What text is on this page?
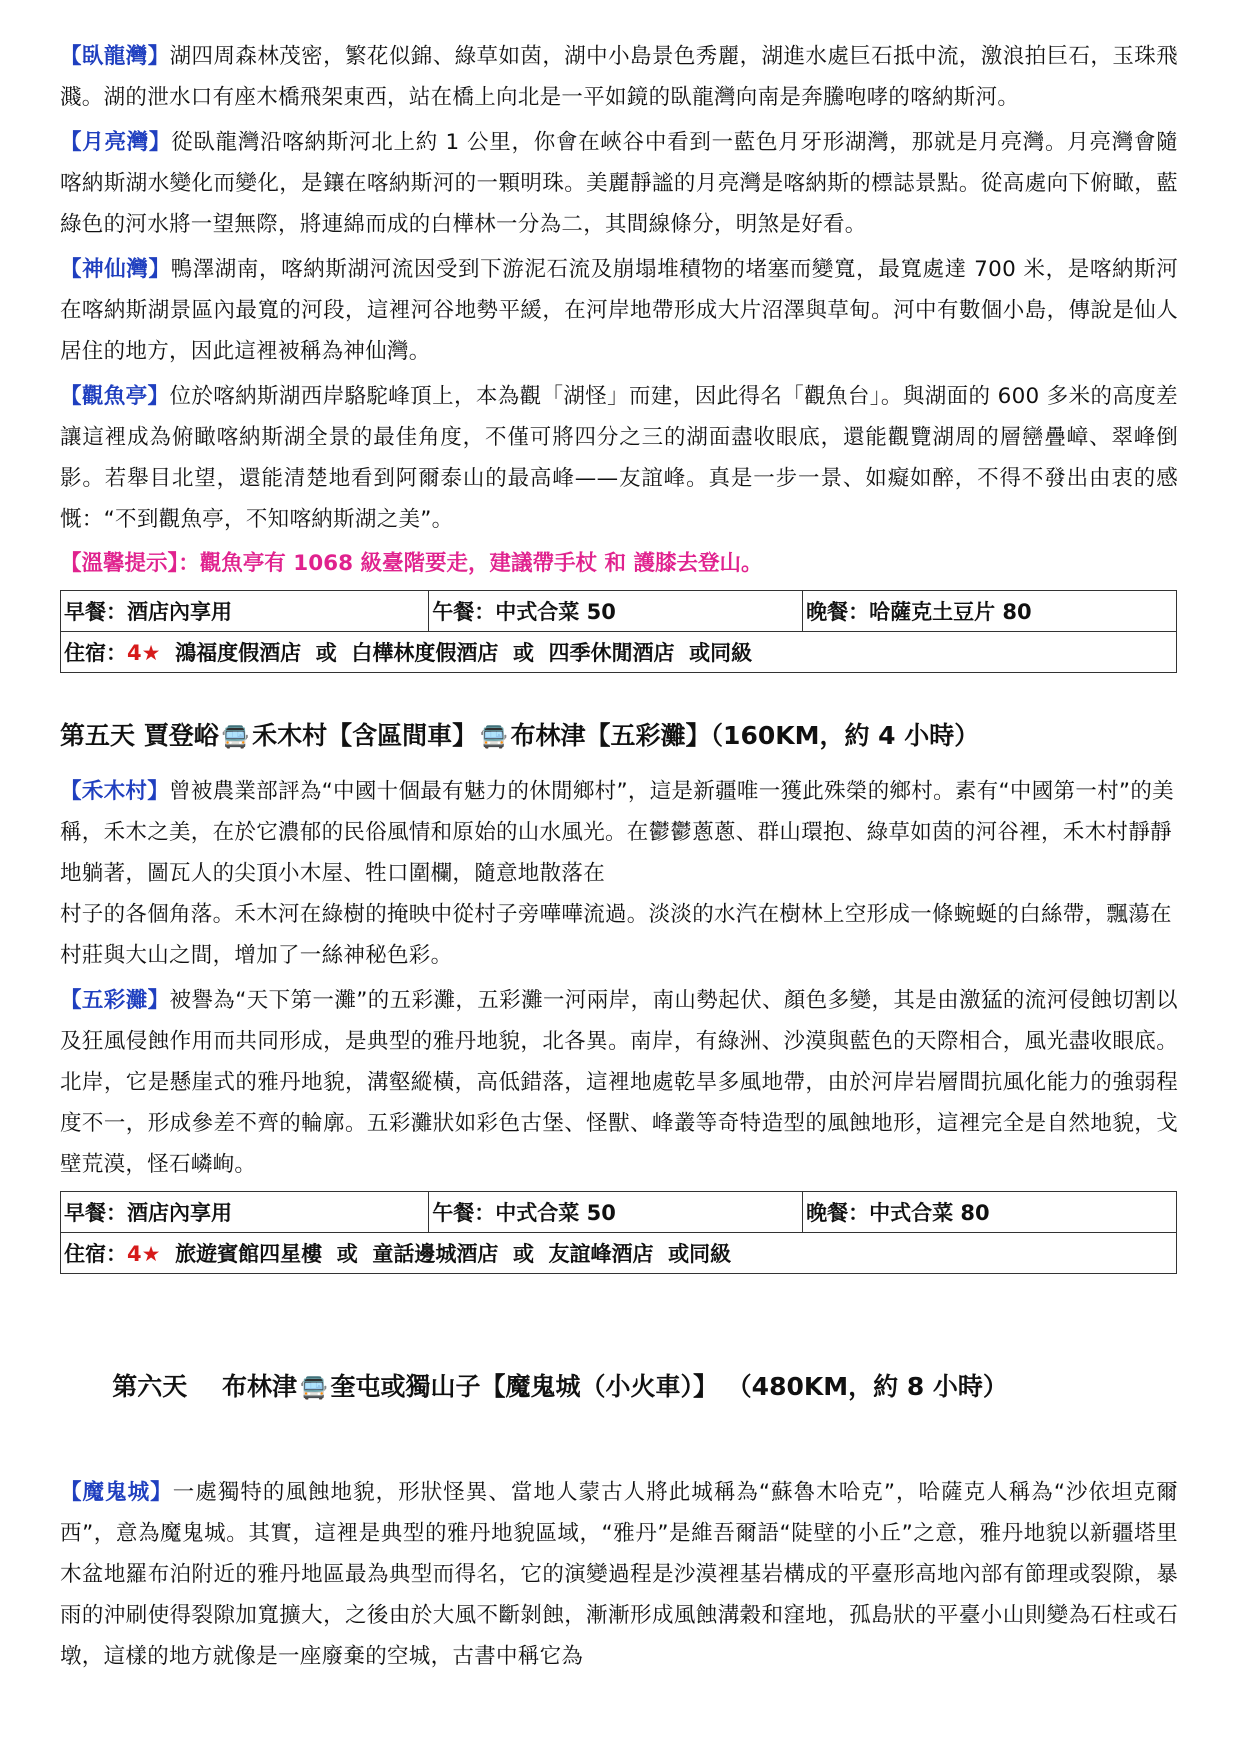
【臥龍灣】湖四周森林茂密，繁花似錦、綠草如茵，湖中小島景色秀麗，湖進水處巨石抵中流，激浪拍巨石，玉珠飛濺。湖的泄水口有座木橋飛架東西，站在橋上向北是一平如鏡的臥龍灣向南是奔騰咆哮的喀納斯河。

【月亮灣】從臥龍灣沿喀納斯河北上約 1 公里，你會在峽谷中看到一藍色月牙形湖灣，那就是月亮灣。月亮灣會隨喀納斯湖水變化而變化，是鑲在喀納斯河的一顆明珠。美麗靜謐的月亮灣是喀納斯的標誌景點。從高處向下俯瞰，藍綠色的河水將一望無際，將連綿而成的白樺林一分為二，其間線條分，明煞是好看。

【神仙灣】鴨澤湖南，喀納斯湖河流因受到下游泥石流及崩塌堆積物的堵塞而變寬，最寬處達 700 米，是喀納斯河在喀納斯湖景區內最寬的河段，這裡河谷地勢平緩，在河岸地帶形成大片沼澤與草甸。河中有數個小島，傳說是仙人居住的地方，因此這裡被稱為神仙灣。

【觀魚亭】位於喀納斯湖西岸駱駝峰頂上，本為觀「湖怪」而建，因此得名「觀魚台」。與湖面的 600 多米的高度差讓這裡成為俯瞰喀納斯湖全景的最佳角度，不僅可將四分之三的湖面盡收眼底，還能觀覽湖周的層巒疊嶂、翠峰倒影。若舉目北望，還能清楚地看到阿爾泰山的最高峰——友誼峰。真是一步一景、如癡如醉，不得不發出由衷的感慨：“不到觀魚亭，不知喀納斯湖之美”。

【溫馨提示】：觀魚亭有 1068 級臺階要走，建議帶手杖 和 護膝去登山。

早餐：酒店內享用	午餐：中式合菜 50	晚餐：哈薩克土豆片 80
住宿：4★  鴻福度假酒店  或  白樺林度假酒店  或  四季休閒酒店  或同級
第五天 賈登峪 🚍 禾木村【含區間車】 🚍 布林津【五彩灘】（160KM，約 4 小時）

【禾木村】曾被農業部評為“中國十個最有魅力的休閒鄉村”，這是新疆唯一獲此殊榮的鄉村。素有“中國第一村”的美稱，禾木之美，在於它濃郁的民俗風情和原始的山水風光。在鬱鬱蔥蔥、群山環抱、綠草如茵的河谷裡，禾木村靜靜地躺著，圖瓦人的尖頂小木屋、牲口圍欄，隨意地散落在
村子的各個角落。禾木河在綠樹的掩映中從村子旁嘩嘩流過。淡淡的水汽在樹林上空形成一條蜿蜒的白絲帶，飄蕩在村莊與大山之間，增加了一絲神秘色彩。

【五彩灘】被譽為“天下第一灘”的五彩灘，五彩灘一河兩岸，南山勢起伏、顏色多變，其是由激猛的流河侵蝕切割以及狂風侵蝕作用而共同形成，是典型的雅丹地貌，北各異。南岸，有綠洲、沙漠與藍色的天際相合，風光盡收眼底。北岸，它是懸崖式的雅丹地貌，溝壑縱橫，高低錯落，這裡地處乾旱多風地帶，由於河岸岩層間抗風化能力的強弱程度不一，形成參差不齊的輪廓。五彩灘狀如彩色古堡、怪獸、峰叢等奇特造型的風蝕地形，這裡完全是自然地貌，戈壁荒漠，怪石嶙峋。

早餐：酒店內享用	午餐：中式合菜 50	晚餐：中式合菜 80
住宿：4★  旅遊賓館四星樓  或  童話邊城酒店  或  友誼峰酒店  或同級

第六天    布林津 🚍 奎屯或獨山子【魔鬼城（小火車）】 （480KM，約 8 小時）

【魔鬼城】一處獨特的風蝕地貌，形狀怪異、當地人蒙古人將此城稱為“蘇魯木哈克”，哈薩克人稱為“沙依坦克爾西”，意為魔鬼城。其實，這裡是典型的雅丹地貌區域，“雅丹”是維吾爾語“陡壁的小丘”之意，雅丹地貌以新疆塔里木盆地羅布泊附近的雅丹地區最為典型而得名，它的演變過程是沙漠裡基岩構成的平臺形高地內部有節理或裂隙，暴雨的沖刷使得裂隙加寬擴大，之後由於大風不斷剝蝕，漸漸形成風蝕溝穀和窪地，孤島狀的平臺小山則變為石柱或石墩，這樣的地方就像是一座廢棄的空城，古書中稱它為
